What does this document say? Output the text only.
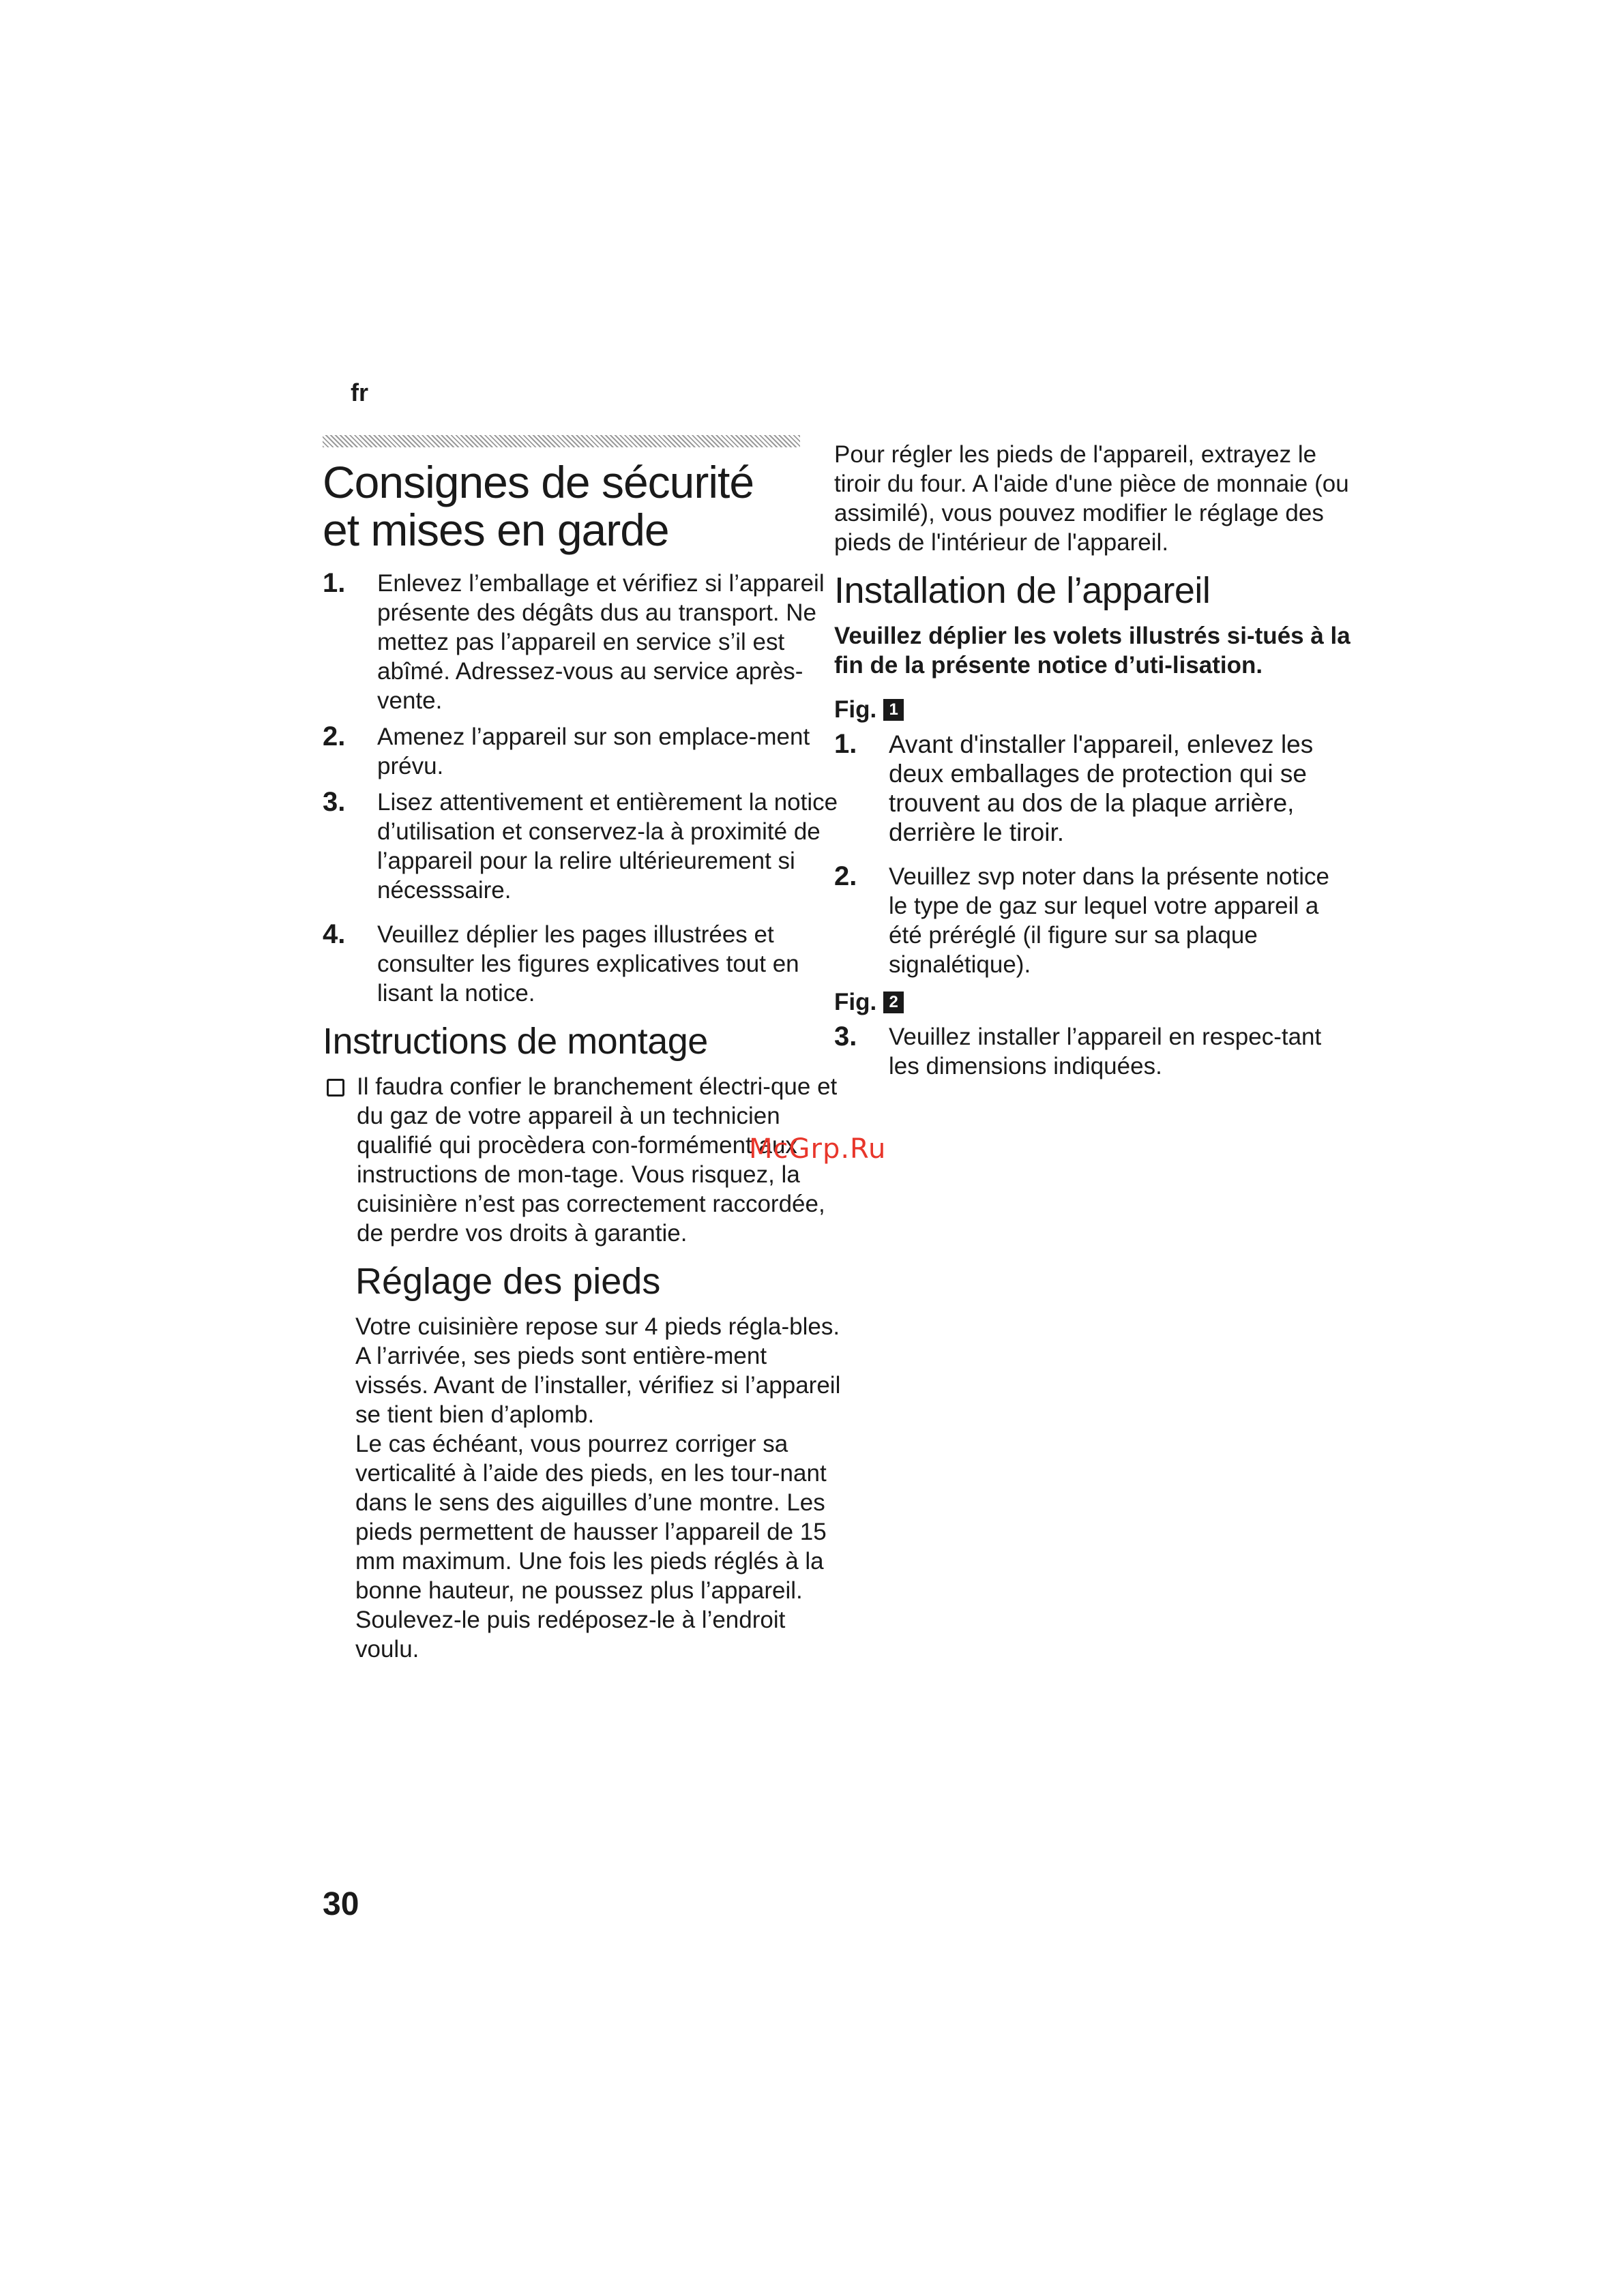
fr
Consignes de sécurité
et mises en garde
1.	Enlevez l’emballage et vérifiez si l’appareil présente des dégâts dus au transport. Ne mettez pas l’appareil en service s’il est abîmé. Adressez-vous au service après-vente.
2.	Amenez l’appareil sur son emplace-ment prévu.
3.	Lisez attentivement et entièrement la notice d’utilisation et conservez-la à proximité de l’appareil pour la relire ultérieurement si nécesssaire.
4.	Veuillez déplier les pages illustrées et consulter les figures explicatives tout en lisant la notice.
Instructions de montage
Il faudra confier le branchement électri-que et du gaz de votre appareil à un technicien qualifié qui procèdera con-formément aux instructions de mon-tage. Vous risquez, la cuisinière n’est pas correctement raccordée, de perdre vos droits à garantie.
Réglage des pieds

Votre cuisinière repose sur 4 pieds régla-bles. A l’arrivée, ses pieds sont entière-ment vissés. Avant de l’installer, vérifiez si l’appareil se tient bien d’aplomb.

Le cas échéant, vous pourrez corriger sa verticalité à l’aide des pieds, en les tour-nant dans le sens des aiguilles d’une montre. Les pieds permettent de hausser l’appareil de 15 mm maximum. Une fois les pieds réglés à la bonne hauteur, ne poussez plus l’appareil. Soulevez-le puis redéposez-le à l’endroit voulu.

Pour régler les pieds de l'appareil, extrayez le tiroir du four. A l'aide d'une pièce de monnaie (ou assimilé), vous pouvez modifier le réglage des pieds de l'intérieur de l'appareil.

Installation de l’appareil

Veuillez déplier les volets illustrés si-tués à la fin de la présente notice d’uti-lisation.

Fig. 1
1.	Avant d'installer l'appareil, enlevez les deux emballages de protection qui se trouvent au dos de la plaque arrière, derrière le tiroir.
2.	Veuillez svp noter dans la présente notice le type de gaz sur lequel votre appareil a été préréglé (il figure sur sa plaque signalétique).
Fig. 2
3.	Veuillez installer l’appareil en respec-tant les dimensions indiquées.
McGrp.Ru
30
